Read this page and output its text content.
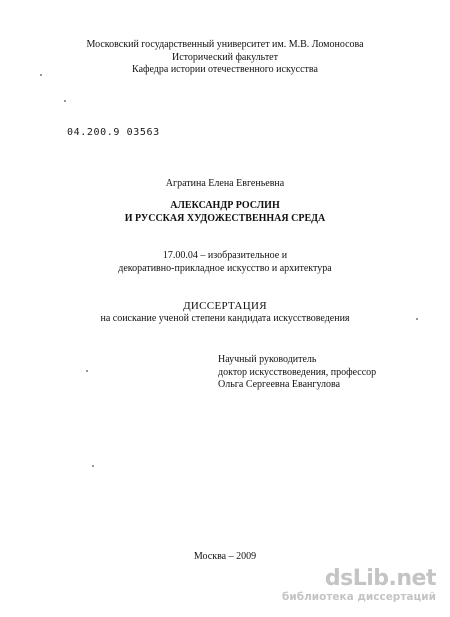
Московский государственный университет им. М.В. Ломоносова
Исторический факультет
Кафедра истории отечественного искусства
04.200.9 03563
Агратина Елена Евгеньевна
АЛЕКСАНДР РОСЛИН
И РУССКАЯ ХУДОЖЕСТВЕННАЯ СРЕДА
17.00.04 – изобразительное и
декоративно-прикладное искусство и архитектура
ДИССЕРТАЦИЯ
на соискание ученой степени кандидата искусствоведения
Научный руководитель
доктор искусствоведения, профессор
Ольга Сергеевна Евангулова
Москва – 2009
dsLib.net
библиотека диссертаций
